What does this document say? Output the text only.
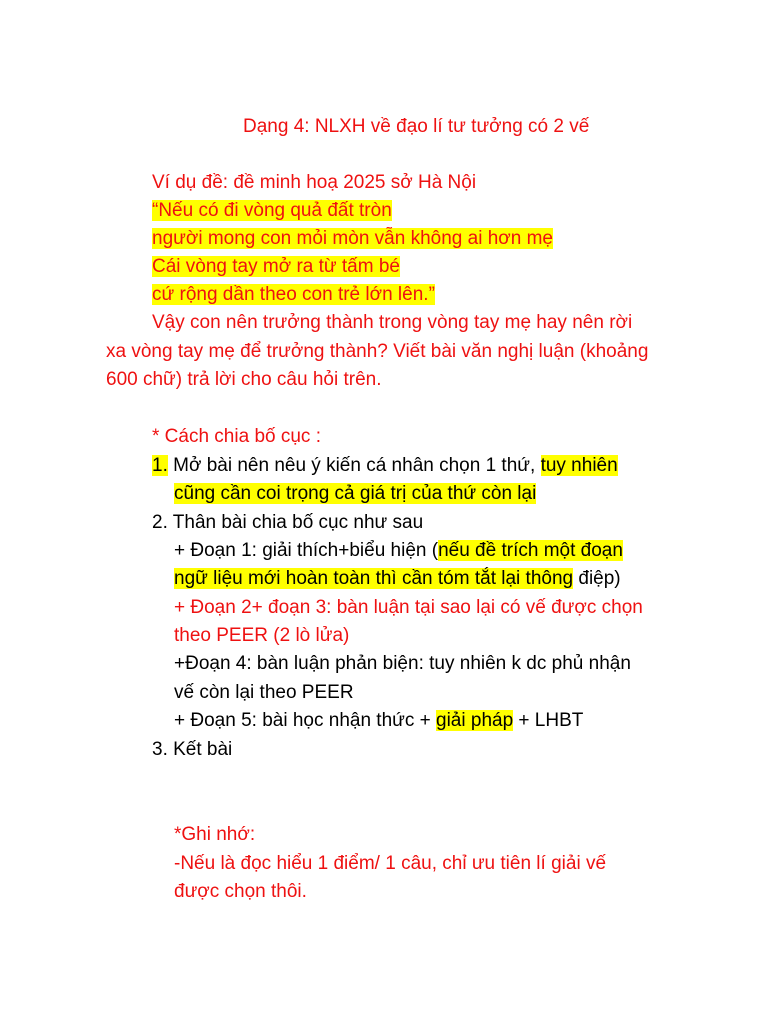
Dạng 4: NLXH về đạo lí tư tưởng có 2 vế
Ví dụ đề: đề minh hoạ 2025 sở Hà Nội
“Nếu có đi vòng quả đất tròn
người mong con mỏi mòn vẫn không ai hơn mẹ
Cái vòng tay mở ra từ tấm bé
cứ rộng dần theo con trẻ lớn lên.”
Vậy con nên trưởng thành trong vòng tay mẹ hay nên rời
xa vòng tay mẹ để trưởng thành? Viết bài văn nghị luận (khoảng
600 chữ) trả lời cho câu hỏi trên.
* Cách chia bố cục :
1. Mở bài nên nêu ý kiến cá nhân chọn 1 thứ, tuy nhiên
cũng cần coi trọng cả giá trị của thứ còn lại
2. Thân bài chia bố cục như sau
+ Đoạn 1: giải thích+biểu hiện (nếu đề trích một đoạn
ngữ liệu mới hoàn toàn thì cần tóm tắt lại thông điệp)
+ Đoạn 2+ đoạn 3: bàn luận tại sao lại có vế được chọn
theo PEER (2 lò lửa)
+Đoạn 4: bàn luận phản biện: tuy nhiên k dc phủ nhận
vế còn lại theo PEER
+ Đoạn 5: bài học nhận thức + giải pháp + LHBT
3. Kết bài
*Ghi nhớ:
-Nếu là đọc hiểu 1 điểm/ 1 câu, chỉ ưu tiên lí giải vế
được chọn thôi.
